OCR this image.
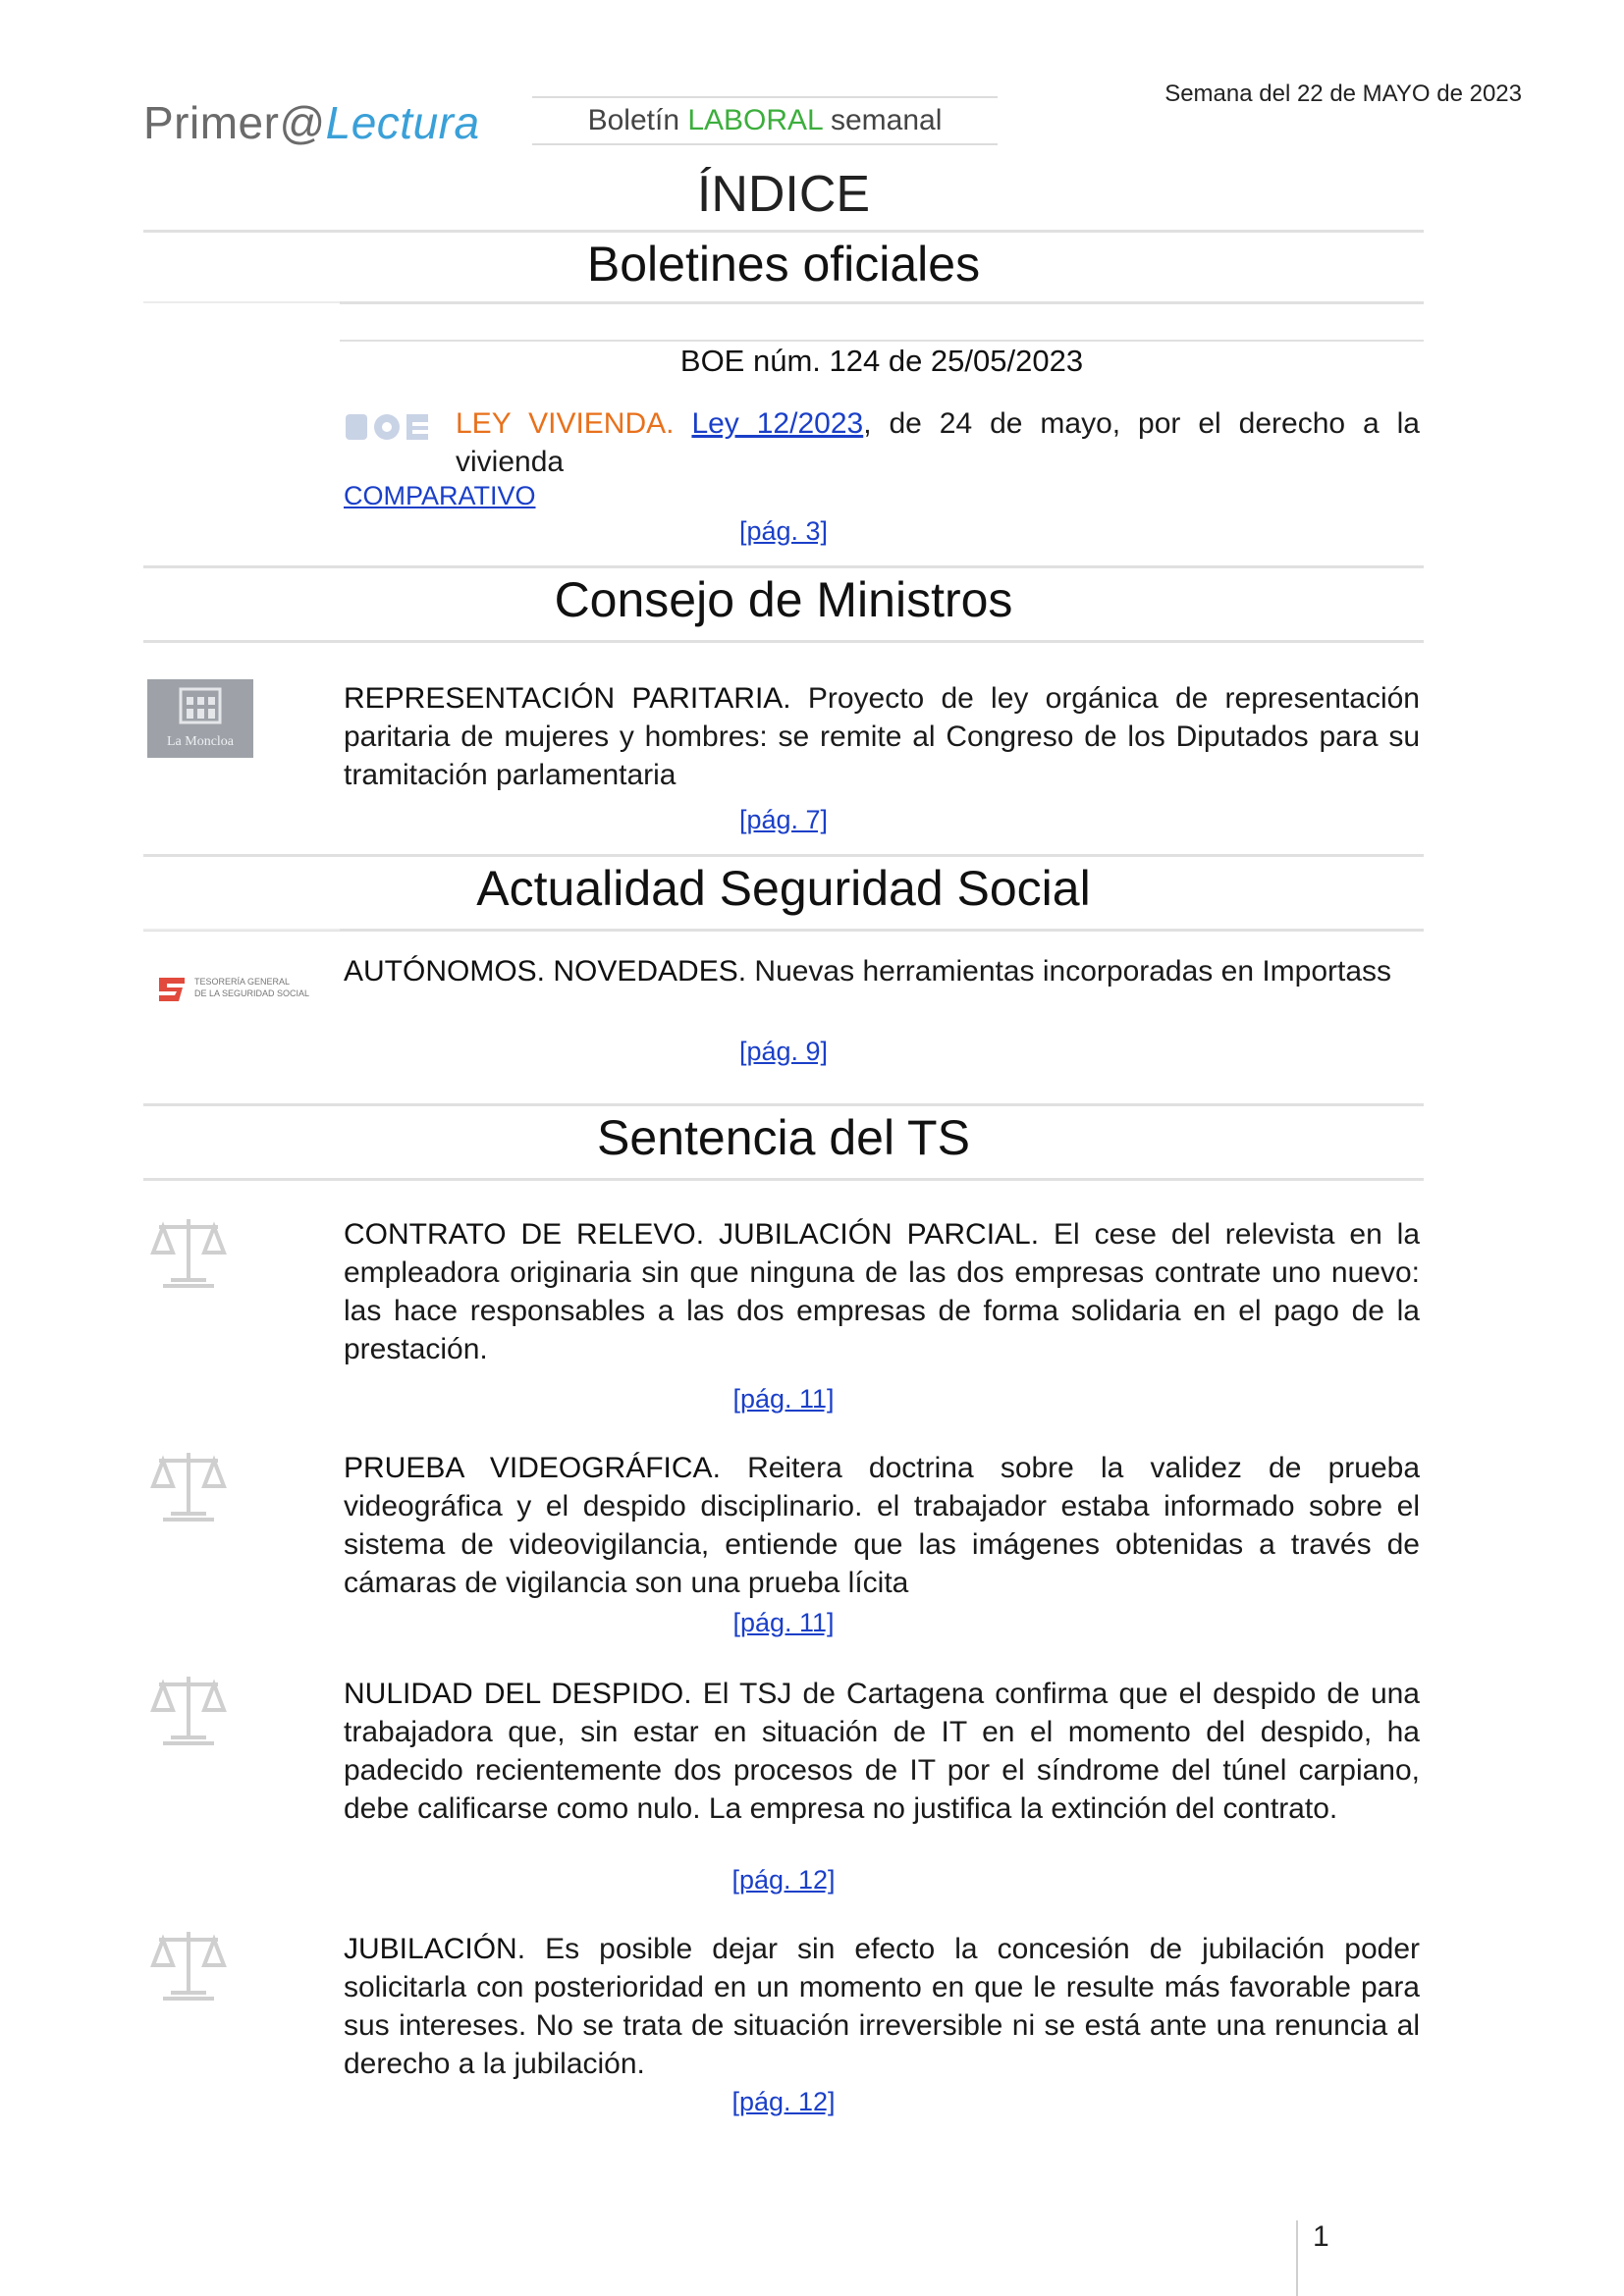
Primer@Lectura	Boletín LABORAL semanal
Semana del 22 de MAYO de 2023
ÍNDICE
Boletines oficiales
BOE núm. 124 de 25/05/2023
LEY VIVIENDA. Ley 12/2023, de 24 de mayo, por el derecho a la vivienda
COMPARATIVO
[pág. 3]
Consejo de Ministros
La Moncloa
REPRESENTACIÓN PARITARIA. Proyecto de ley orgánica de representación paritaria de mujeres y hombres: se remite al Congreso de los Diputados para su tramitación parlamentaria
[pág. 7]
Actualidad Seguridad Social
TESORERÍA GENERAL
DE LA SEGURIDAD SOCIAL
AUTÓNOMOS. NOVEDADES. Nuevas herramientas incorporadas en Importass
[pág. 9]
Sentencia del TS
CONTRATO DE RELEVO. JUBILACIÓN PARCIAL. El cese del relevista en la empleadora originaria sin que ninguna de las dos empresas contrate uno nuevo: las hace responsables a las dos empresas de forma solidaria en el pago de la prestación.
[pág. 11]
PRUEBA VIDEOGRÁFICA. Reitera doctrina sobre la validez de prueba videográfica y el despido disciplinario. el trabajador estaba informado sobre el sistema de videovigilancia, entiende que las imágenes obtenidas a través de cámaras de vigilancia son una prueba lícita
[pág. 11]
NULIDAD DEL DESPIDO. El TSJ de Cartagena confirma que el despido de una trabajadora que, sin estar en situación de IT en el momento del despido, ha padecido recientemente dos procesos de IT por el síndrome del túnel carpiano, debe calificarse como nulo. La empresa no justifica la extinción del contrato.
[pág. 12]
JUBILACIÓN. Es posible dejar sin efecto la concesión de jubilación poder solicitarla con posterioridad en un momento en que le resulte más favorable para sus intereses. No se trata de situación irreversible ni se está ante una renuncia al derecho a la jubilación.
[pág. 12]
1
